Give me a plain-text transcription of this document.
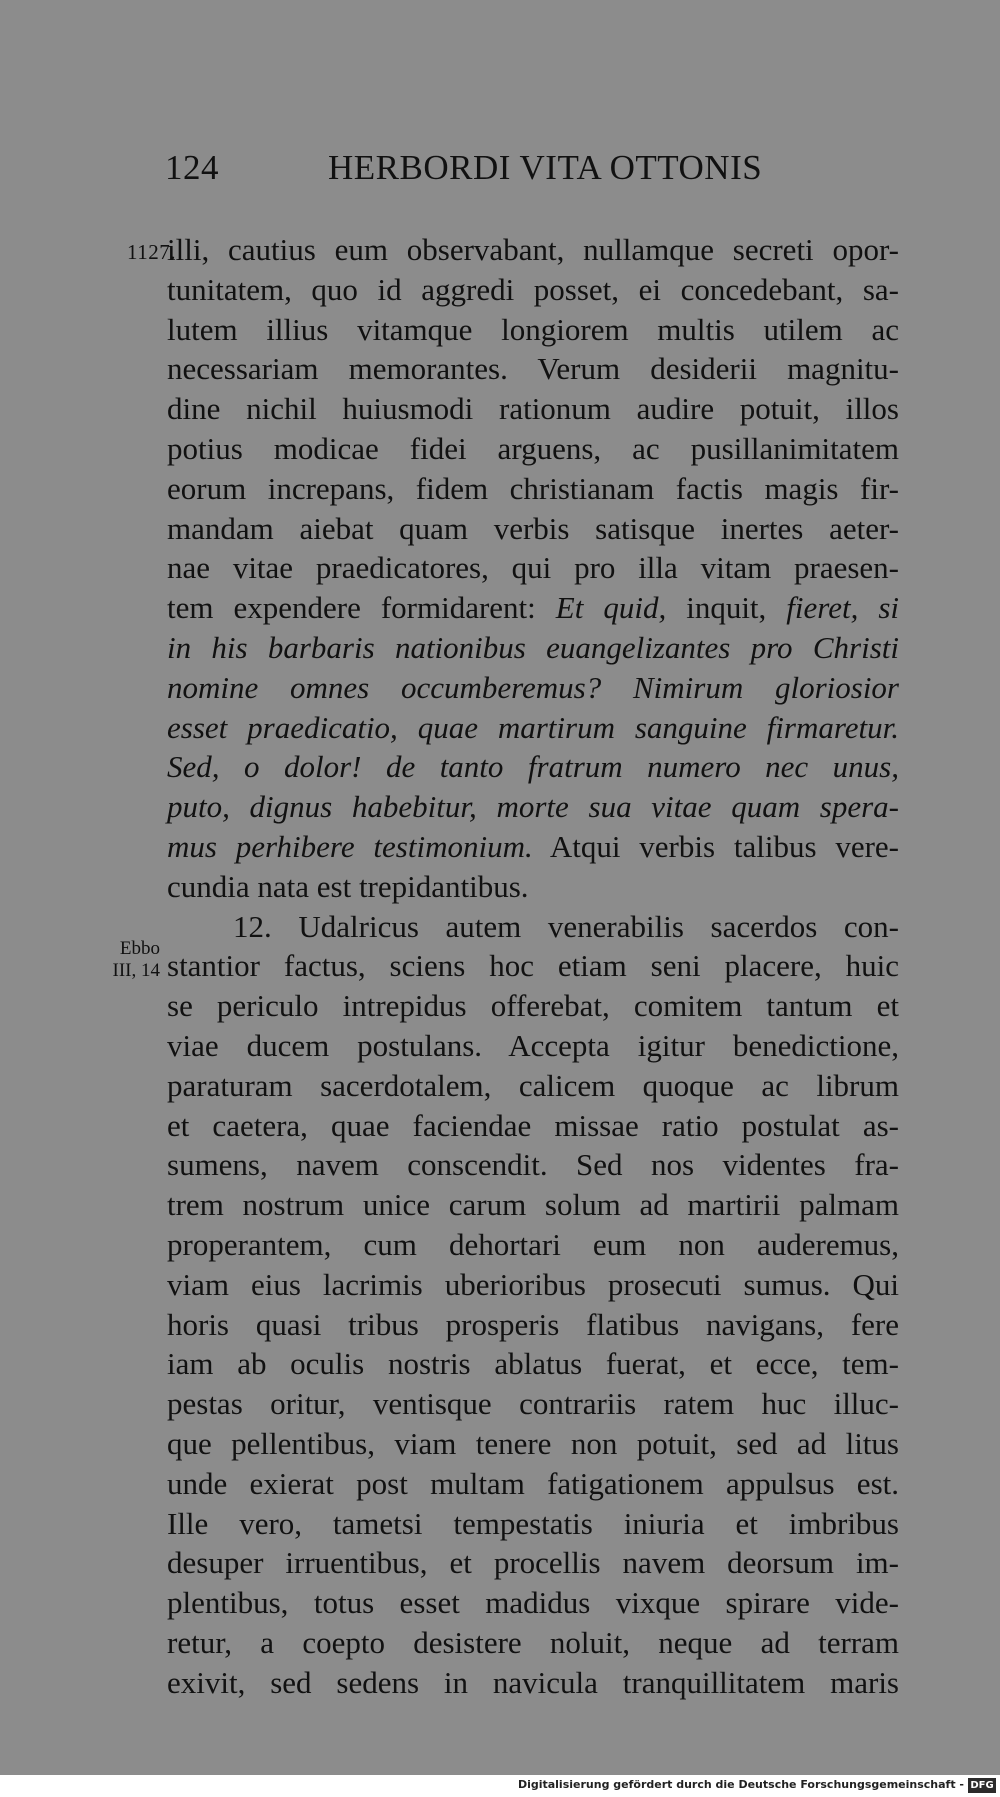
124	HERBORDI VITA OTTONIS
1127.
Ebbo
III, 14
illi, cautius eum observabant, nullamque secreti opor-
tunitatem, quo id aggredi posset, ei concedebant, sa-
lutem illius vitamque longiorem multis utilem ac
necessariam memorantes. Verum desiderii magnitu-
dine nichil huiusmodi rationum audire potuit, illos
potius modicae fidei arguens, ac pusillanimitatem
eorum increpans, fidem christianam factis magis fir-
mandam aiebat quam verbis satisque inertes aeter-
nae vitae praedicatores, qui pro illa vitam praesen-
tem expendere formidarent: Et quid, inquit, fieret, si
in his barbaris nationibus euangelizantes pro Christi
nomine omnes occumberemus? Nimirum gloriosior
esset praedicatio, quae martirum sanguine firmaretur.
Sed, o dolor! de tanto fratrum numero nec unus,
puto, dignus habebitur, morte sua vitae quam spera-
mus perhibere testimonium. Atqui verbis talibus vere-
cundia nata est trepidantibus.
12. Udalricus autem venerabilis sacerdos con-
stantior factus, sciens hoc etiam seni placere, huic
se periculo intrepidus offerebat, comitem tantum et
viae ducem postulans. Accepta igitur benedictione,
paraturam sacerdotalem, calicem quoque ac librum
et caetera, quae faciendae missae ratio postulat as-
sumens, navem conscendit. Sed nos videntes fra-
trem nostrum unice carum solum ad martirii palmam
properantem, cum dehortari eum non auderemus,
viam eius lacrimis uberioribus prosecuti sumus. Qui
horis quasi tribus prosperis flatibus navigans, fere
iam ab oculis nostris ablatus fuerat, et ecce, tem-
pestas oritur, ventisque contrariis ratem huc illuc-
que pellentibus, viam tenere non potuit, sed ad litus
unde exierat post multam fatigationem appulsus est.
Ille vero, tametsi tempestatis iniuria et imbribus
desuper irruentibus, et procellis navem deorsum im-
plentibus, totus esset madidus vixque spirare vide-
retur, a coepto desistere noluit, neque ad terram
exivit, sed sedens in navicula tranquillitatem maris
Digitalisierung gefördert durch die Deutsche Forschungsgemeinschaft - DFG
